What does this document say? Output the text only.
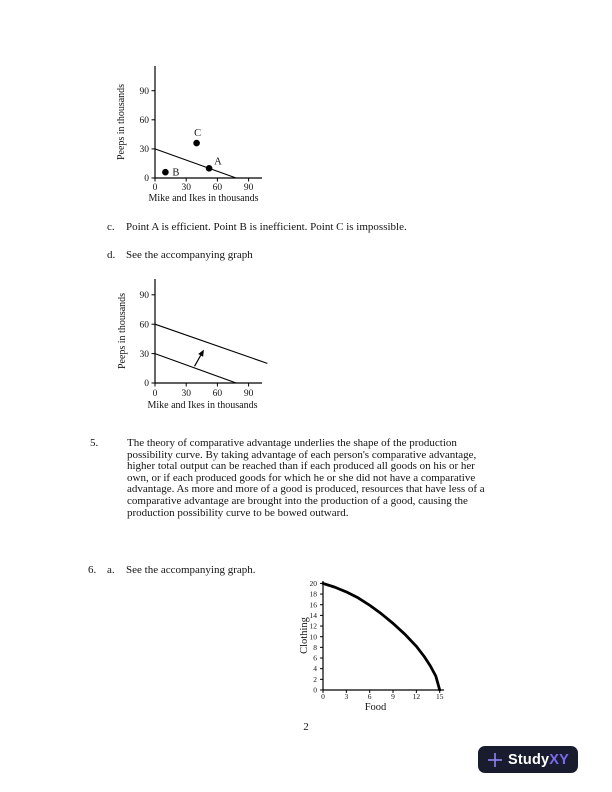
0	30 60 90
0
30
60
90
A
B
C
Mike and Ikes in thousands
Peeps in thousands
c. Point A is efficient. Point B is inefficient. Point C is impossible.
d. See the accompanying graph
0	30 60 90
0
30
60
90
Mike and Ikes in thousands
Peeps in thousands
5.	The theory of comparative advantage underlies the shape of the production possibility curve. By taking advantage of each person's comparative advantage, higher total output can be reached than if each produced all goods on his or her own, or if each produced goods for which he or she did not have a comparative advantage. As more and more of a good is produced, resources that have less of a comparative advantage are brought into the production of a good, causing the production possibility curve to be bowed outward.

6. a. See the accompanying graph.
0	3	6	9 12 15
0
2
4
6
8
10
12
14
16
18
20
Food
Clothing
2
Study XY
